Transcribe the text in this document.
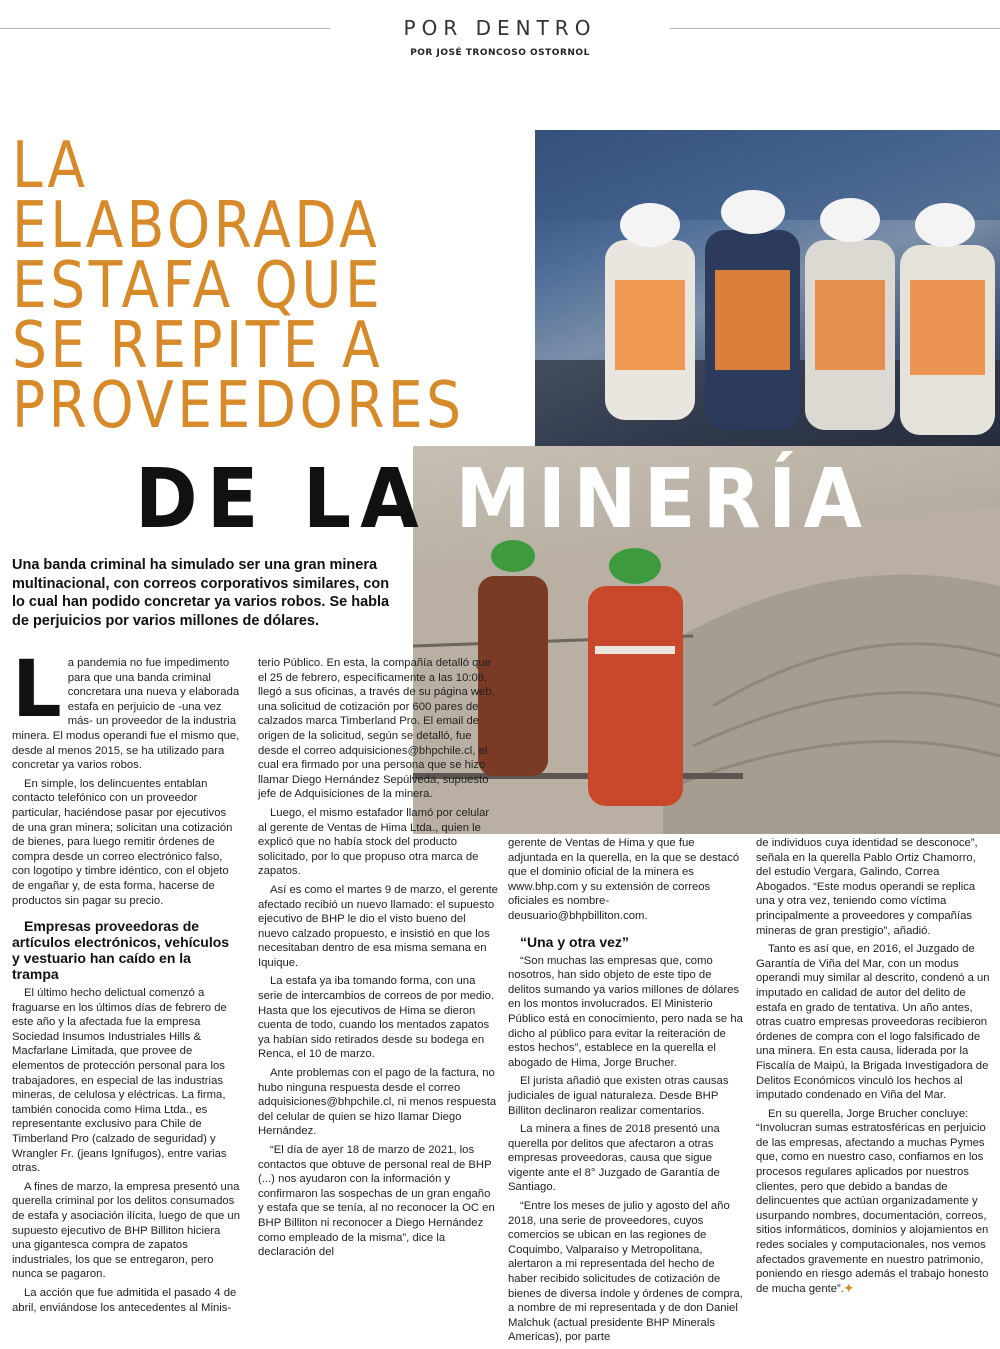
POR DENTRO
POR JOSÉ TRONCOSO OSTORNOL
LA ELABORADA
ESTAFA QUE
SE REPITE A
PROVEEDORES
DE LA MINERÍA
Una banda criminal ha simulado ser una gran minera multinacional, con correos corporativos similares, con lo cual han podido concretar ya varios robos. Se habla de perjuicios por varios millones de dólares.
L a pandemia no fue impedimento para que una banda criminal concretara una nueva y elaborada estafa en perjuicio de -una vez más- un proveedor de la industria minera. El modus operandi fue el mismo que, desde al menos 2015, se ha utilizado para concretar ya varios robos.

En simple, los delincuentes entablan contacto telefónico con un proveedor particular, haciéndose pasar por ejecutivos de una gran minera; solicitan una cotización de bienes, para luego remitir órdenes de compra desde un correo electrónico falso, con logotipo y timbre idéntico, con el objeto de engañar y, de esta forma, hacerse de productos sin pagar su precio.

Empresas proveedoras de artículos electrónicos, vehículos y vestuario han caído en la trampa

El último hecho delictual comenzó a fraguarse en los últimos días de febrero de este año y la afectada fue la empresa Sociedad Insumos Industriales Hills & Macfarlane Limitada, que provee de elementos de protección personal para los trabajadores, en especial de las industrias mineras, de celulosa y eléctricas. La firma, también conocida como Hima Ltda., es representante exclusivo para Chile de Timberland Pro (calzado de seguridad) y Wrangler Fr. (jeans Ignífugos), entre varias otras.

A fines de marzo, la empresa presentó una querella criminal por los delitos consumados de estafa y asociación ilícita, luego de que un supuesto ejecutivo de BHP Billiton hiciera una gigantesca compra de zapatos industriales, los que se entregaron, pero nunca se pagaron.

La acción que fue admitida el pasado 4 de abril, enviándose los antecedentes al Minis-

terio Público. En esta, la compañía detalló que el 25 de febrero, específicamente a las 10:08, llegó a sus oficinas, a través de su página web, una solicitud de cotización por 600 pares de calzados marca Timberland Pro. El email de origen de la solicitud, según se detalló, fue desde el correo adquisiciones@bhpchile.cl, el cual era firmado por una persona que se hizo llamar Diego Hernández Sepúlveda, supuesto jefe de Adquisiciones de la minera.

Luego, el mismo estafador llamó por celular al gerente de Ventas de Hima Ltda., quien le explicó que no había stock del producto solicitado, por lo que propuso otra marca de zapatos.

Así es como el martes 9 de marzo, el gerente afectado recibió un nuevo llamado: el supuesto ejecutivo de BHP le dio el visto bueno del nuevo calzado propuesto, e insistió en que los necesitaban dentro de esa misma semana en Iquique.

La estafa ya iba tomando forma, con una serie de intercambios de correos de por medio. Hasta que los ejecutivos de Hima se dieron cuenta de todo, cuando los mentados zapatos ya habían sido retirados desde su bodega en Renca, el 10 de marzo.

Ante problemas con el pago de la factura, no hubo ninguna respuesta desde el correo adquisiciones@bhpchile.cl, ni menos respuesta del celular de quien se hizo llamar Diego Hernández.

“El día de ayer 18 de marzo de 2021, los contactos que obtuve de personal real de BHP (...) nos ayudaron con la información y confirmaron las sospechas de un gran engaño y estafa que se tenía, al no reconocer la OC en BHP Billiton ni reconocer a Diego Hernández como empleado de la misma”, dice la declaración del

gerente de Ventas de Hima y que fue adjuntada en la querella, en la que se destacó que el dominio oficial de la minera es www.bhp.com y su extensión de correos oficiales es nombre-deusuario@bhpbilliton.com.

“Una y otra vez”

“Son muchas las empresas que, como nosotros, han sido objeto de este tipo de delitos sumando ya varios millones de dólares en los montos involucrados. El Ministerio Público está en conocimiento, pero nada se ha dicho al público para evitar la reiteración de estos hechos”, establece en la querella el abogado de Hima, Jorge Brucher.

El jurista añadió que existen otras causas judiciales de igual naturaleza. Desde BHP Billiton declinaron realizar comentarios.

La minera a fines de 2018 presentó una querella por delitos que afectaron a otras empresas proveedoras, causa que sigue vigente ante el 8° Juzgado de Garantía de Santiago.

“Entre los meses de julio y agosto del año 2018, una serie de proveedores, cuyos comercios se ubican en las regiones de Coquimbo, Valparaíso y Metropolitana, alertaron a mi representada del hecho de haber recibido solicitudes de cotización de bienes de diversa índole y órdenes de compra, a nombre de mi representada y de don Daniel Malchuk (actual presidente BHP Minerals Americas), por parte

de individuos cuya identidad se desconoce”, señala en la querella Pablo Ortiz Chamorro, del estudio Vergara, Galindo, Correa Abogados. “Este modus operandi se replica una y otra vez, teniendo como víctima principalmente a proveedores y compañías mineras de gran prestigio”, añadió.

Tanto es así que, en 2016, el Juzgado de Garantía de Viña del Mar, con un modus operandi muy similar al descrito, condenó a un imputado en calidad de autor del delito de estafa en grado de tentativa. Un año antes, otras cuatro empresas proveedoras recibieron órdenes de compra con el logo falsificado de una minera. En esta causa, liderada por la Fiscalía de Maipú, la Brigada Investigadora de Delitos Económicos vinculó los hechos al imputado condenado en Viña del Mar.

En su querella, Jorge Brucher concluye: “Involucran sumas estratosféricas en perjuicio de las empresas, afectando a muchas Pymes que, como en nuestro caso, confiamos en los procesos regulares aplicados por nuestros clientes, pero que debido a bandas de delincuentes que actúan organizadamente y usurpando nombres, documentación, correos, sitios informáticos, dominios y alojamientos en redes sociales y computacionales, nos vemos afectados gravemente en nuestro patrimonio, poniendo en riesgo además el trabajo honesto de mucha gente”.✦
